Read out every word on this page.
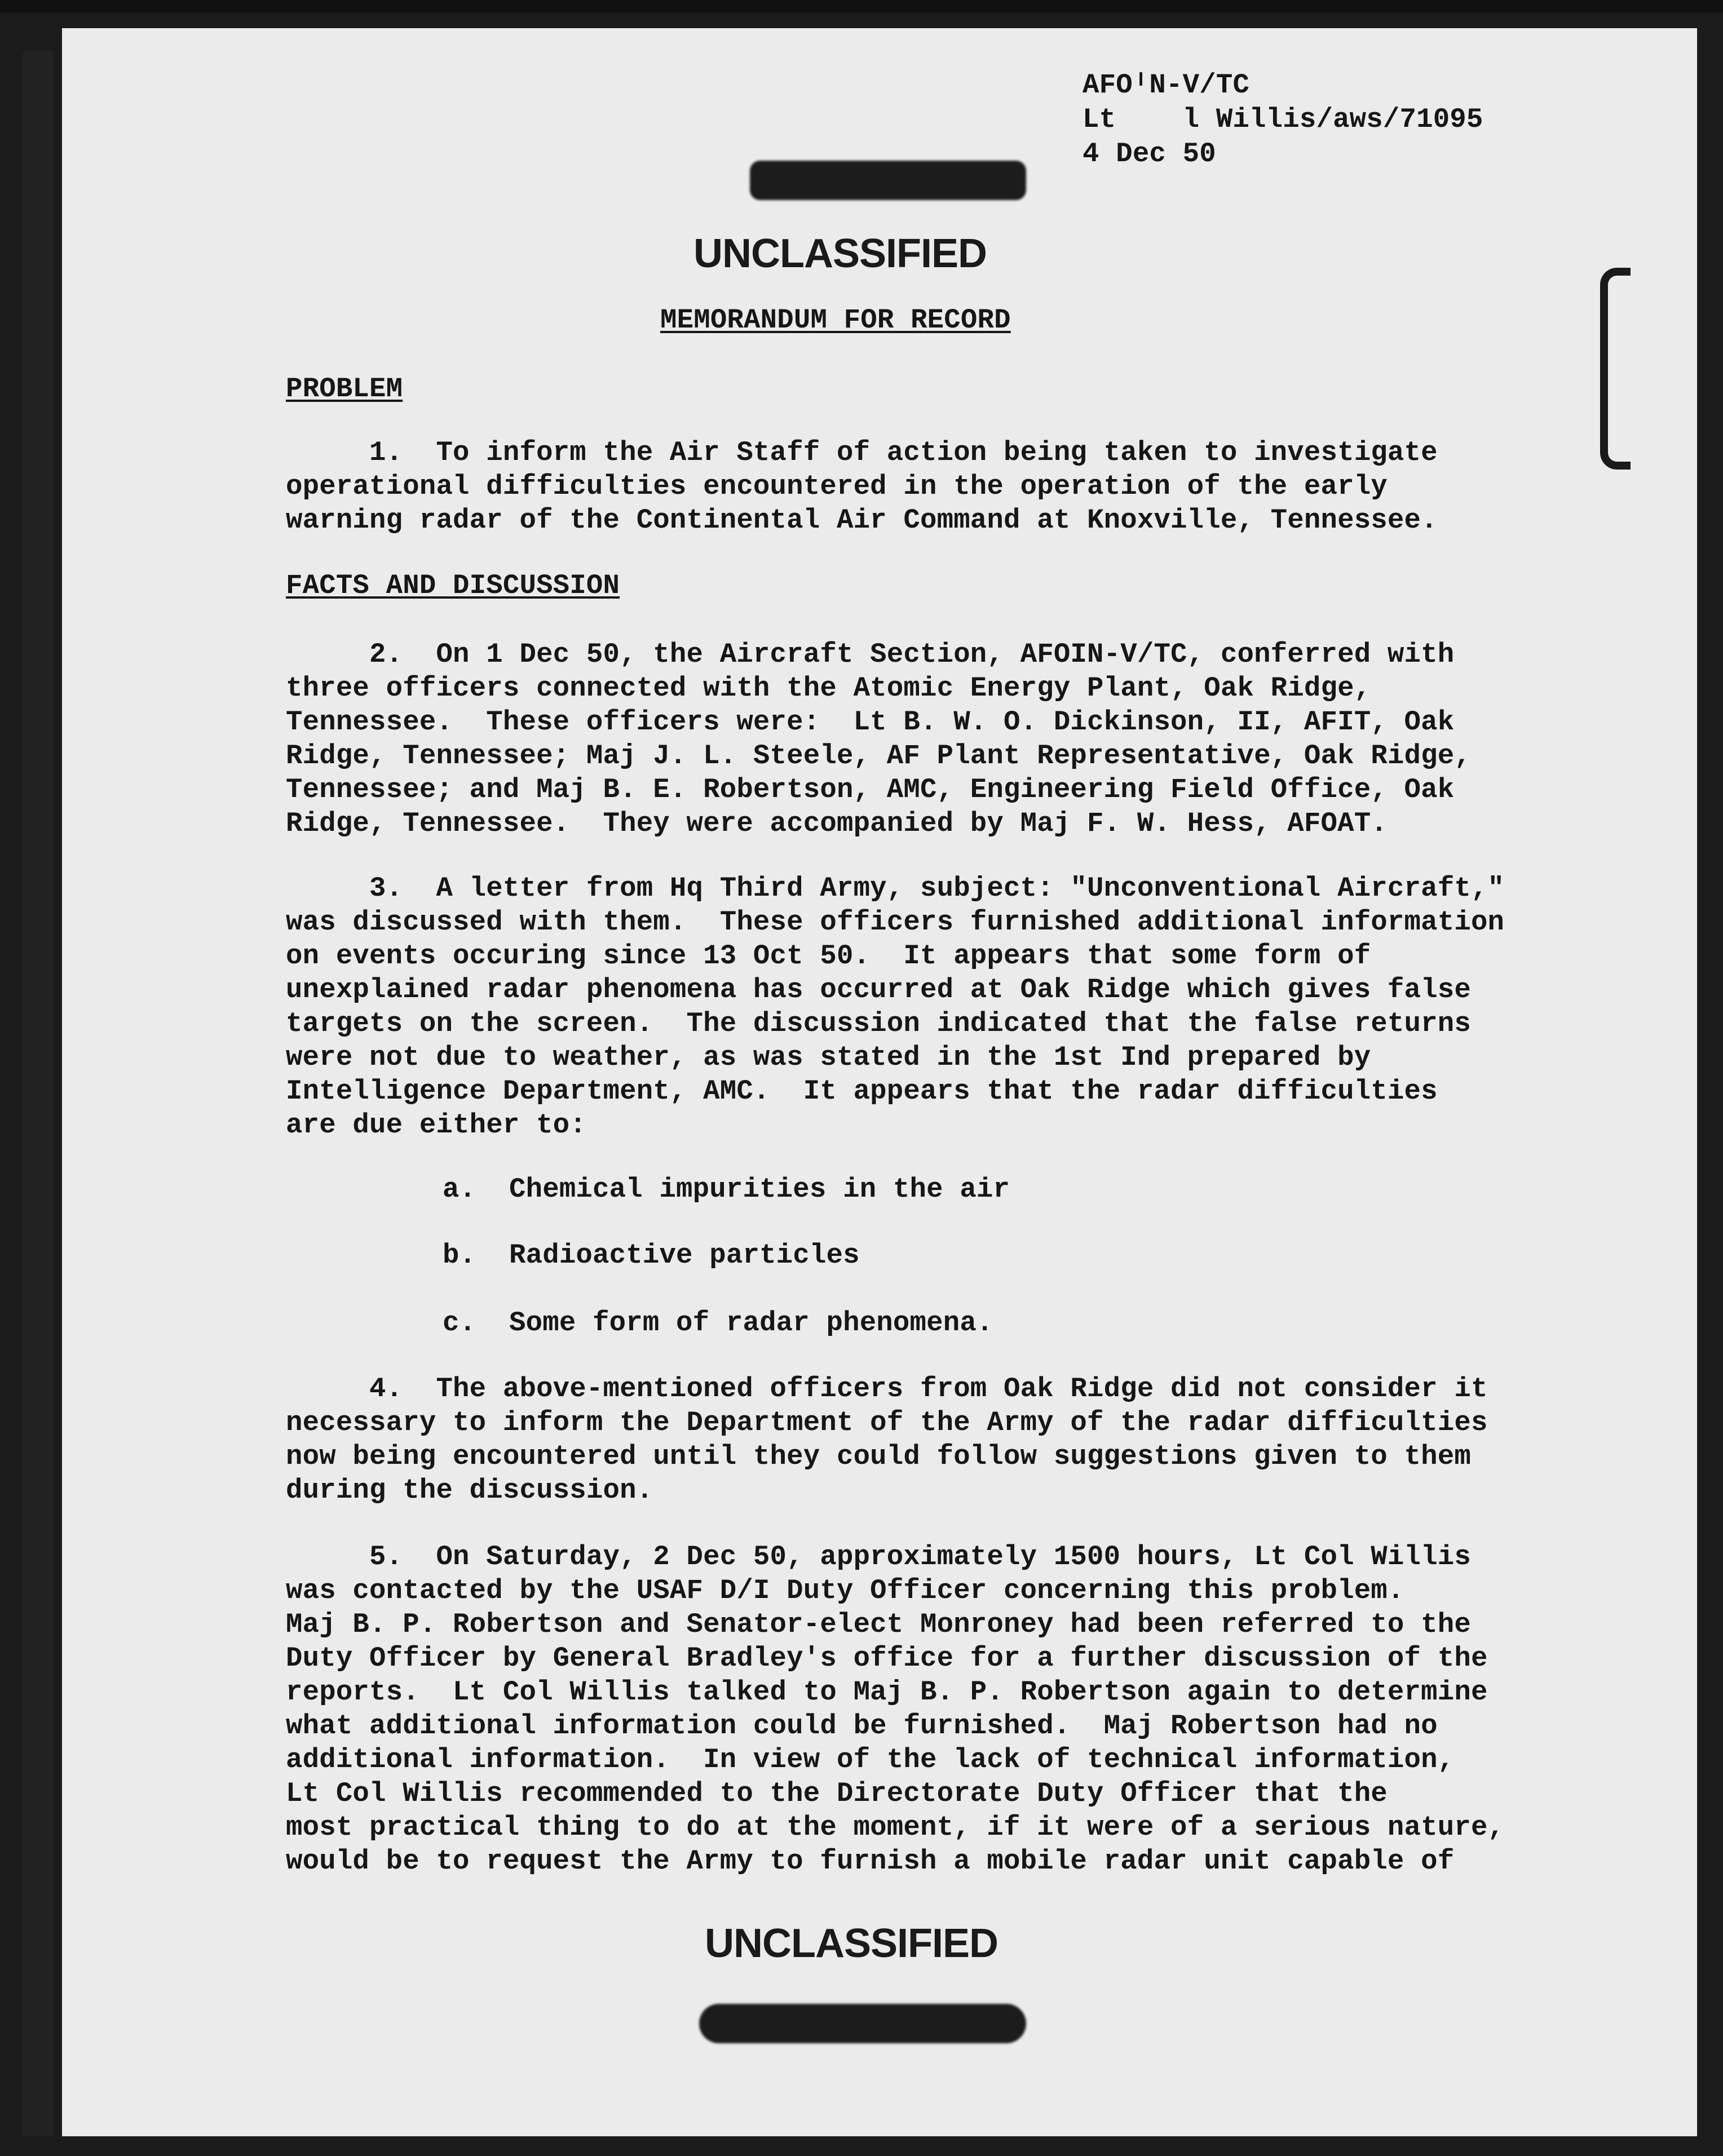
AFOᴵN-V/TC
Lt    l Willis/aws/71095
4 Dec 50
UNCLASSIFIED
MEMORANDUM FOR RECORD
PROBLEM
1.  To inform the Air Staff of action being taken to investigate
operational difficulties encountered in the operation of the early
warning radar of the Continental Air Command at Knoxville, Tennessee.
FACTS AND DISCUSSION
2.  On 1 Dec 50, the Aircraft Section, AFOIN-V/TC, conferred with
three officers connected with the Atomic Energy Plant, Oak Ridge,
Tennessee.  These officers were:  Lt B. W. O. Dickinson, II, AFIT, Oak
Ridge, Tennessee; Maj J. L. Steele, AF Plant Representative, Oak Ridge,
Tennessee; and Maj B. E. Robertson, AMC, Engineering Field Office, Oak
Ridge, Tennessee.  They were accompanied by Maj F. W. Hess, AFOAT.
3.  A letter from Hq Third Army, subject: "Unconventional Aircraft,"
was discussed with them.  These officers furnished additional information
on events occuring since 13 Oct 50.  It appears that some form of
unexplained radar phenomena has occurred at Oak Ridge which gives false
targets on the screen.  The discussion indicated that the false returns
were not due to weather, as was stated in the 1st Ind prepared by
Intelligence Department, AMC.  It appears that the radar difficulties
are due either to:
a. Chemical impurities in the air
b. Radioactive particles
c. Some form of radar phenomena.
4.  The above-mentioned officers from Oak Ridge did not consider it
necessary to inform the Department of the Army of the radar difficulties
now being encountered until they could follow suggestions given to them
during the discussion.
5.  On Saturday, 2 Dec 50, approximately 1500 hours, Lt Col Willis
was contacted by the USAF D/I Duty Officer concerning this problem.
Maj B. P. Robertson and Senator-elect Monroney had been referred to the
Duty Officer by General Bradley's office for a further discussion of the
reports.  Lt Col Willis talked to Maj B. P. Robertson again to determine
what additional information could be furnished.  Maj Robertson had no
additional information.  In view of the lack of technical information,
Lt Col Willis recommended to the Directorate Duty Officer that the
most practical thing to do at the moment, if it were of a serious nature,
would be to request the Army to furnish a mobile radar unit capable of
UNCLASSIFIED
